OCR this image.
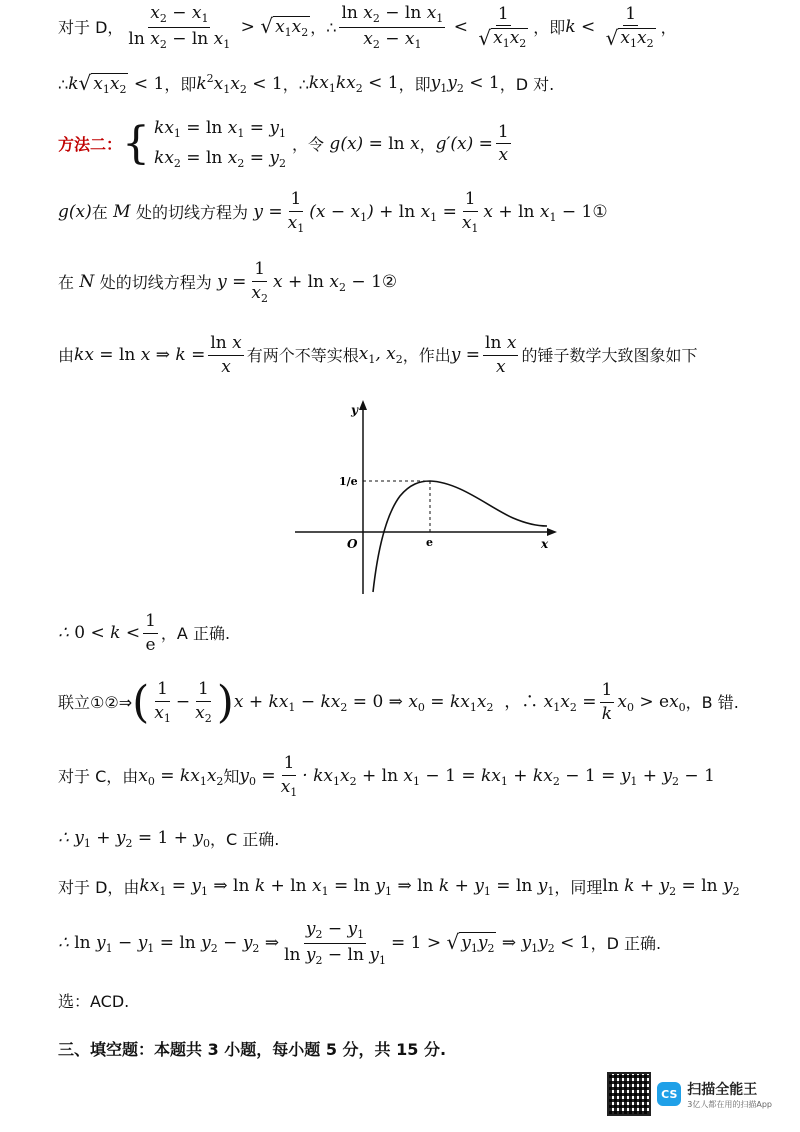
对于 D， $\frac{x_2 - x_1}{\ln x_2 - \ln x_1}$ > √ $x_1x_2$ ，∴ $\frac{\ln x_2 - \ln x_1}{x_2 - x_1} < \frac{1}{√ x_1x_2}$ ，即 $k < \frac{1}{√ x_1x_2}$ ，
∴ k √ $x_1x_2 < 1$ ，即 $k^2x_1x_2 < 1$ ，∴ $kx_1kx_2 < 1$ ，即 $y_1y_2 < 1$ ，D 对.
方法二： { $kx_1 = \ln x_1 = y_1$
$kx_2 = \ln x_2 = y_2$
，令 g(x) = ln x ， $g'(x) = \frac{1}{x}$
g(x) 在 M 处的切线方程为 $y = \frac{1}{x_1} (x - x_1) + \ln x_1 = \frac{1}{x_1}$ $x + \ln x_1$ − 1①
在 N 处的切线方程为 $y = \frac{1}{x_2}$ $x + \ln x_2$ − 1②
由 kx = ln x ⇒ $k = \frac{\text{ln x}}{x}$ 有两个不等实根 $x_1$, $x_2$ ，作出 $y = \frac{\text{ln x}}{x}$ 的锤子数学大致图象如下
y
x
O
1/e
e
∴ $0 < k < \frac{1}{e}$ ，A 正确.
联立①②⇒ ( $\frac{1}{x_1} - \frac{1}{x_2}$ ) $x + kx_1 - kx_2 = 0$ ⇒ $x_0 = kx_1x_2$ ，∴ $x_1x_2 = \frac{1}{k} x_0 > ex_0$ ，B 错.
对于 C，由 $x_0 = kx_1x_2$ 知 $y_0 = \frac{1}{x_1} \cdot kx_1x_2 + \ln x_1 - 1 = kx_1 + kx_2 - 1 = y_1 + y_2 - 1$
∴ $y_1 + y_2 = 1 + y_0$ ，C 正确.
对于 D，由 $kx_1 = y_1$ ⇒ $\ln k + \ln x_1 = \ln y_1$ ⇒ $\ln k + y_1 = \ln y_1$ ，同理 $\ln k + y_2 = \ln y_2$
∴ $\ln y_1 - y_1 = \ln y_2 - y_2$ ⇒ $\frac{y_2 - y_1}{\ln y_2 - \ln y_1} = 1$ > √ $y_1y_2$ ⇒ $y_1y_2 < 1$ ，D 正确.
选：ACD.
三、填空题：本题共 3 小题，每小题 5 分，共 15 分.
CS 扫描全能王
3亿人都在用的扫描App
